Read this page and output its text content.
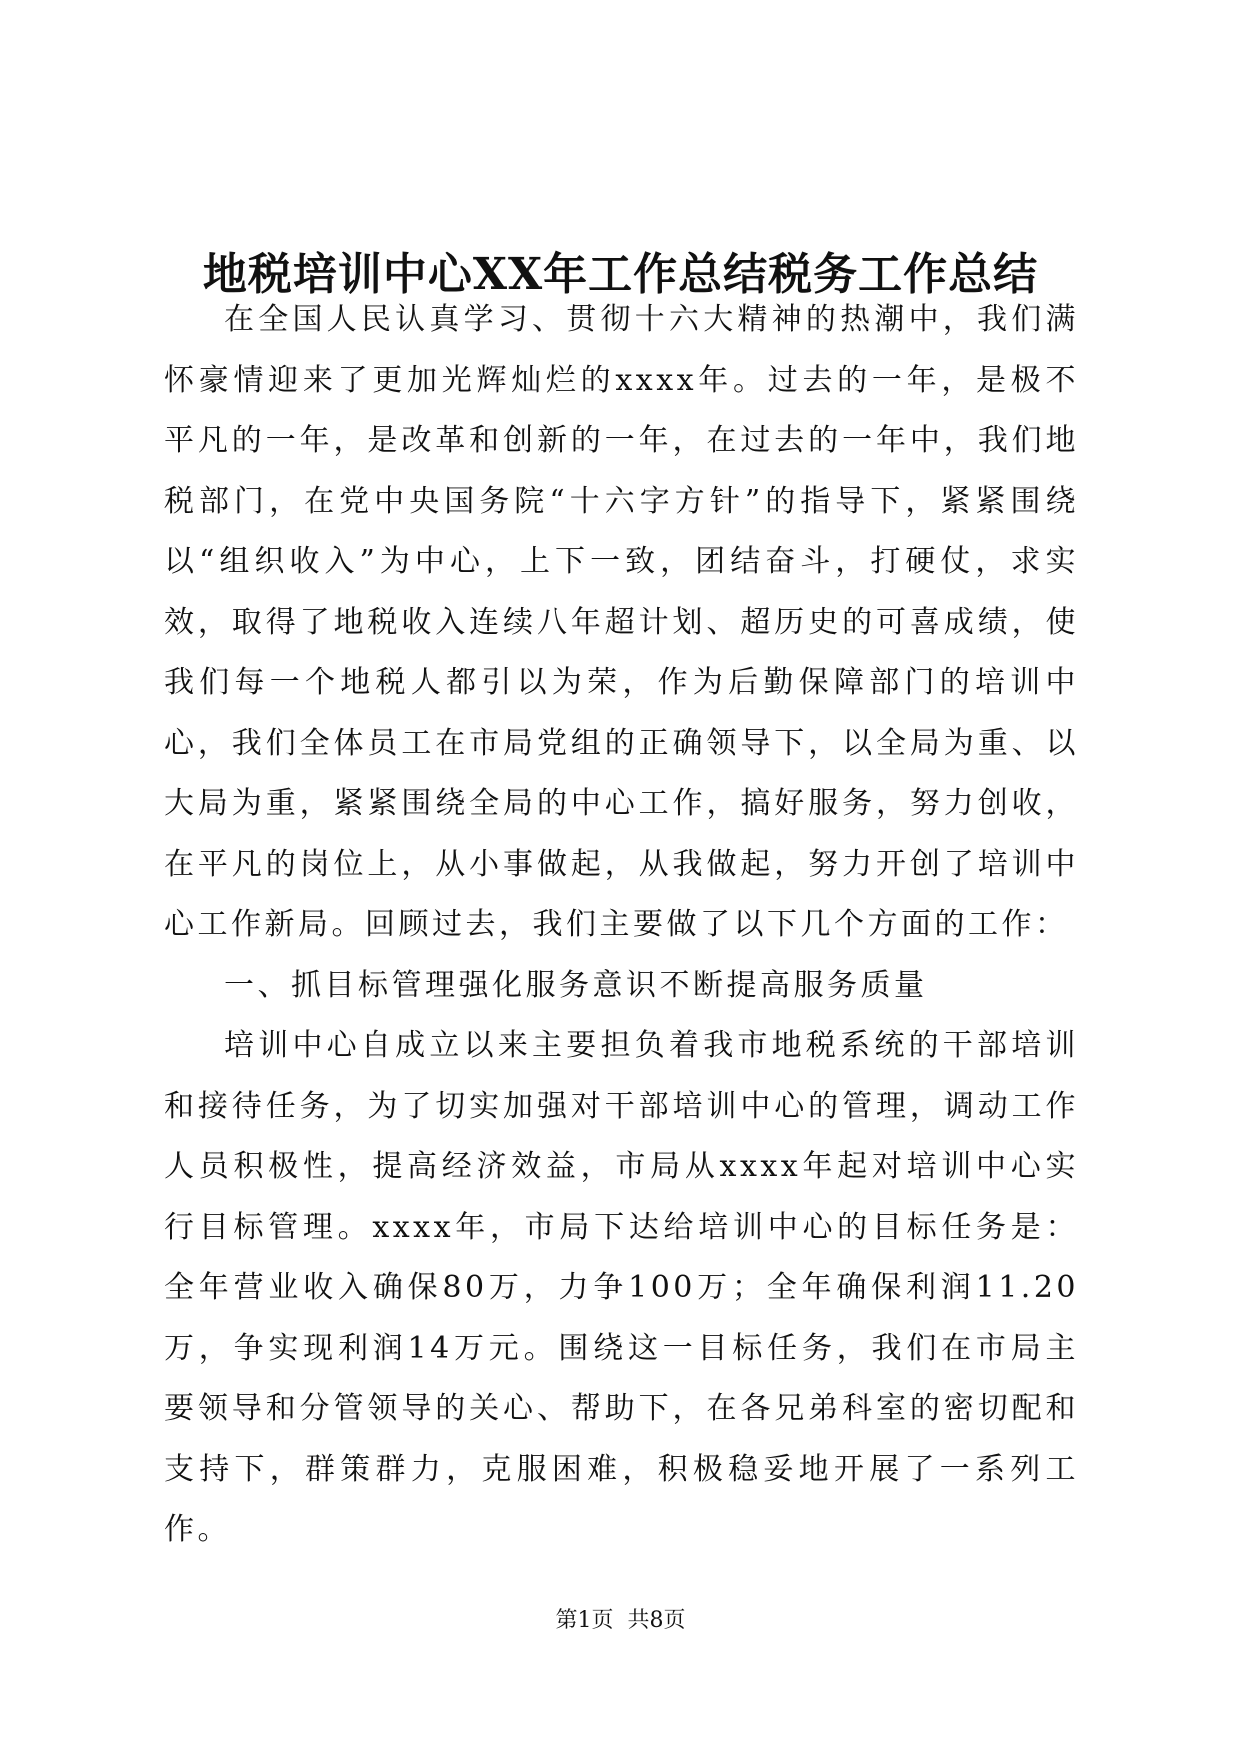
地税培训中心XX年工作总结税务工作总结

在全国人民认真学习、贯彻十六大精神的热潮中，我们满怀豪情迎来了更加光辉灿烂的xxxx年。过去的一年，是极不平凡的一年，是改革和创新的一年，在过去的一年中，我们地税部门，在党中央国务院“十六字方针”的指导下，紧紧围绕以“组织收入”为中心，上下一致，团结奋斗，打硬仗，求实效，取得了地税收入连续八年超计划、超历史的可喜成绩，使我们每一个地税人都引以为荣，作为后勤保障部门的培训中心，我们全体员工在市局党组的正确领导下，以全局为重、以大局为重，紧紧围绕全局的中心工作，搞好服务，努力创收，在平凡的岗位上，从小事做起，从我做起，努力开创了培训中心工作新局。回顾过去，我们主要做了以下几个方面的工作：

一、抓目标管理强化服务意识不断提高服务质量

培训中心自成立以来主要担负着我市地税系统的干部培训和接待任务，为了切实加强对干部培训中心的管理，调动工作人员积极性，提高经济效益，市局从xxxx年起对培训中心实行目标管理。xxxx年，市局下达给培训中心的目标任务是：全年营业收入确保80万，力争100万；全年确保利润11.20万，争实现利润14万元。围绕这一目标任务，我们在市局主要领导和分管领导的关心、帮助下，在各兄弟科室的密切配和支持下，群策群力，克服困难，积极稳妥地开展了一系列工作。

第1页 共8页
